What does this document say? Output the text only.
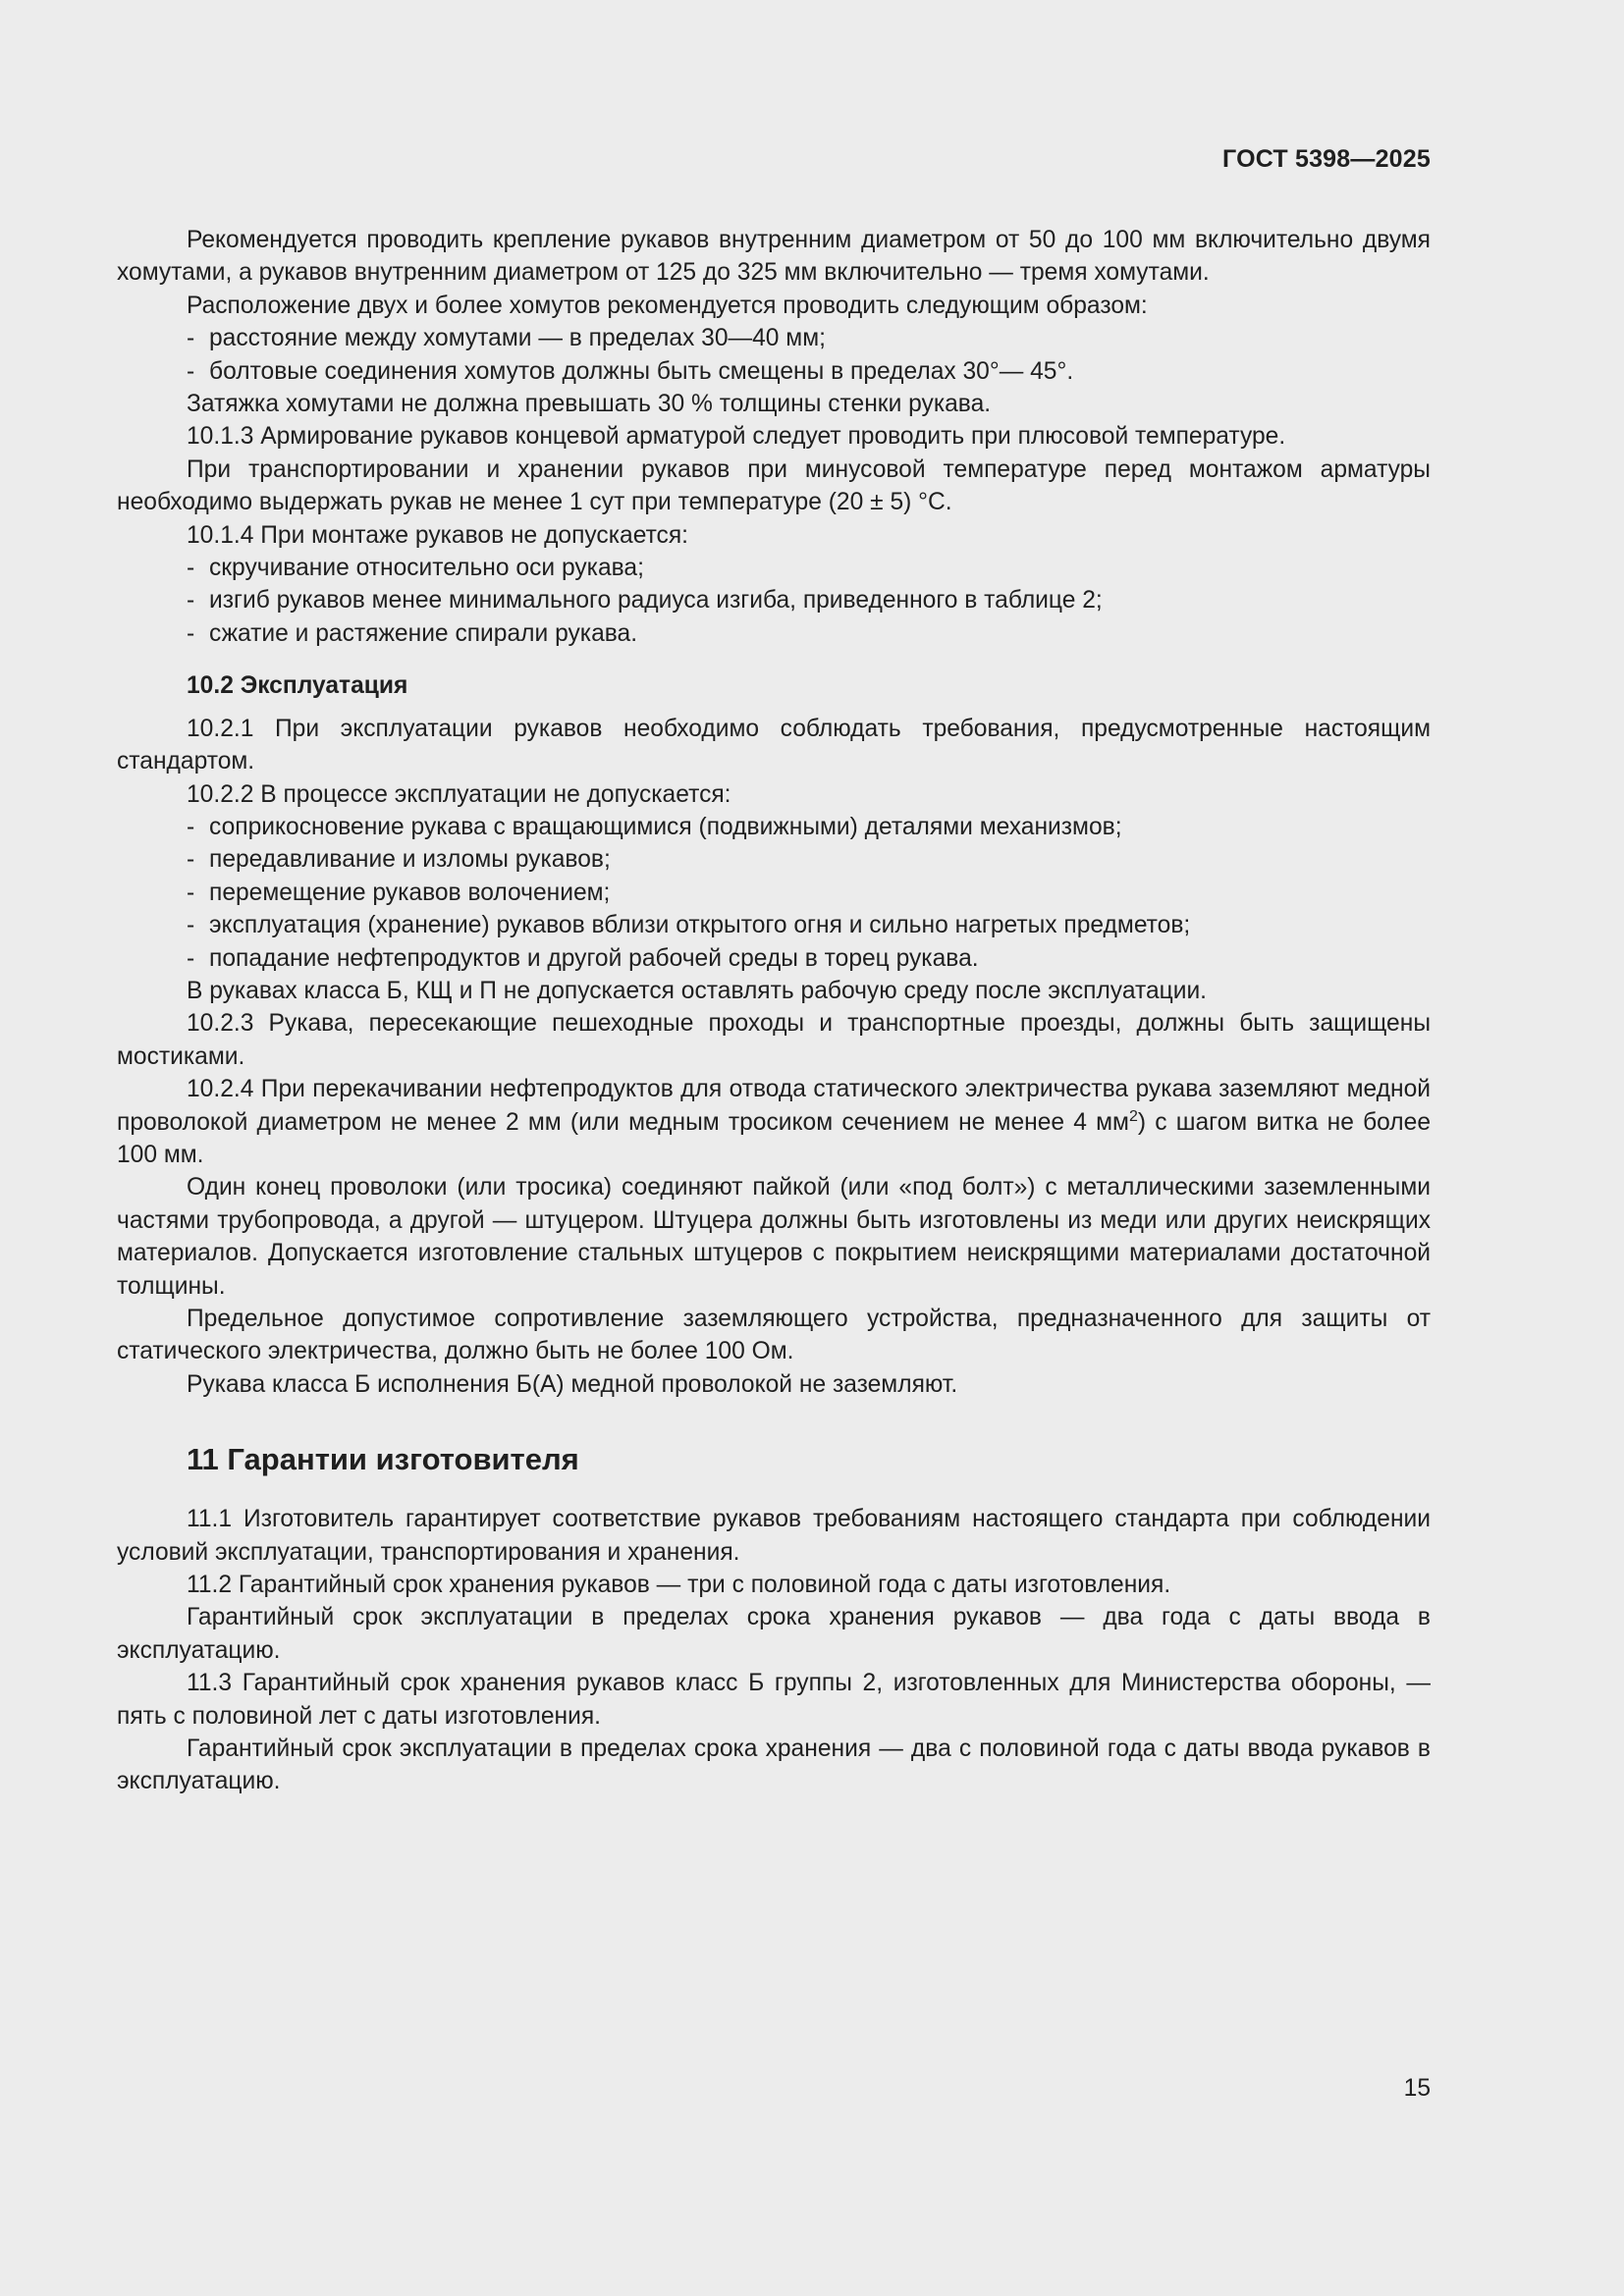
ГОСТ 5398—2025

Рекомендуется проводить крепление рукавов внутренним диаметром от 50 до 100 мм включительно двумя хомутами, а рукавов внутренним диаметром от 125 до 325 мм включительно — тремя хомутами.

Расположение двух и более хомутов рекомендуется проводить следующим образом:

- расстояние между хомутами — в пределах 30—40 мм;

- болтовые соединения хомутов должны быть смещены в пределах 30°— 45°.

Затяжка хомутами не должна превышать 30 % толщины стенки рукава.

10.1.3 Армирование рукавов концевой арматурой следует проводить при плюсовой температуре.

При транспортировании и хранении рукавов при минусовой температуре перед монтажом арматуры необходимо выдержать рукав не менее 1 сут при температуре (20 ± 5) °С.

10.1.4 При монтаже рукавов не допускается:

- скручивание относительно оси рукава;

- изгиб рукавов менее минимального радиуса изгиба, приведенного в таблице 2;

- сжатие и растяжение спирали рукава.

10.2 Эксплуатация

10.2.1 При эксплуатации рукавов необходимо соблюдать требования, предусмотренные настоящим стандартом.

10.2.2 В процессе эксплуатации не допускается:

- соприкосновение рукава с вращающимися (подвижными) деталями механизмов;

- передавливание и изломы рукавов;

- перемещение рукавов волочением;

- эксплуатация (хранение) рукавов вблизи открытого огня и сильно нагретых предметов;

- попадание нефтепродуктов и другой рабочей среды в торец рукава.

В рукавах класса Б, КЩ и П не допускается оставлять рабочую среду после эксплуатации.

10.2.3 Рукава, пересекающие пешеходные проходы и транспортные проезды, должны быть защищены мостиками.

10.2.4 При перекачивании нефтепродуктов для отвода статического электричества рукава заземляют медной проволокой диаметром не менее 2 мм (или медным тросиком сечением не менее 4 $мм^2$) с шагом витка не более 100 мм.

Один конец проволоки (или тросика) соединяют пайкой (или «под болт») с металлическими заземленными частями трубопровода, а другой — штуцером. Штуцера должны быть изготовлены из меди или других неискрящих материалов. Допускается изготовление стальных штуцеров с покрытием неискрящими материалами достаточной толщины.

Предельное допустимое сопротивление заземляющего устройства, предназначенного для защиты от статического электричества, должно быть не более 100 Ом.

Рукава класса Б исполнения Б(А) медной проволокой не заземляют.

11 Гарантии изготовителя

11.1 Изготовитель гарантирует соответствие рукавов требованиям настоящего стандарта при соблюдении условий эксплуатации, транспортирования и хранения.

11.2 Гарантийный срок хранения рукавов — три с половиной года с даты изготовления.

Гарантийный срок эксплуатации в пределах срока хранения рукавов — два года с даты ввода в эксплуатацию.

11.3 Гарантийный срок хранения рукавов класс Б группы 2, изготовленных для Министерства обороны, — пять с половиной лет с даты изготовления.

Гарантийный срок эксплуатации в пределах срока хранения — два с половиной года с даты ввода рукавов в эксплуатацию.

15
